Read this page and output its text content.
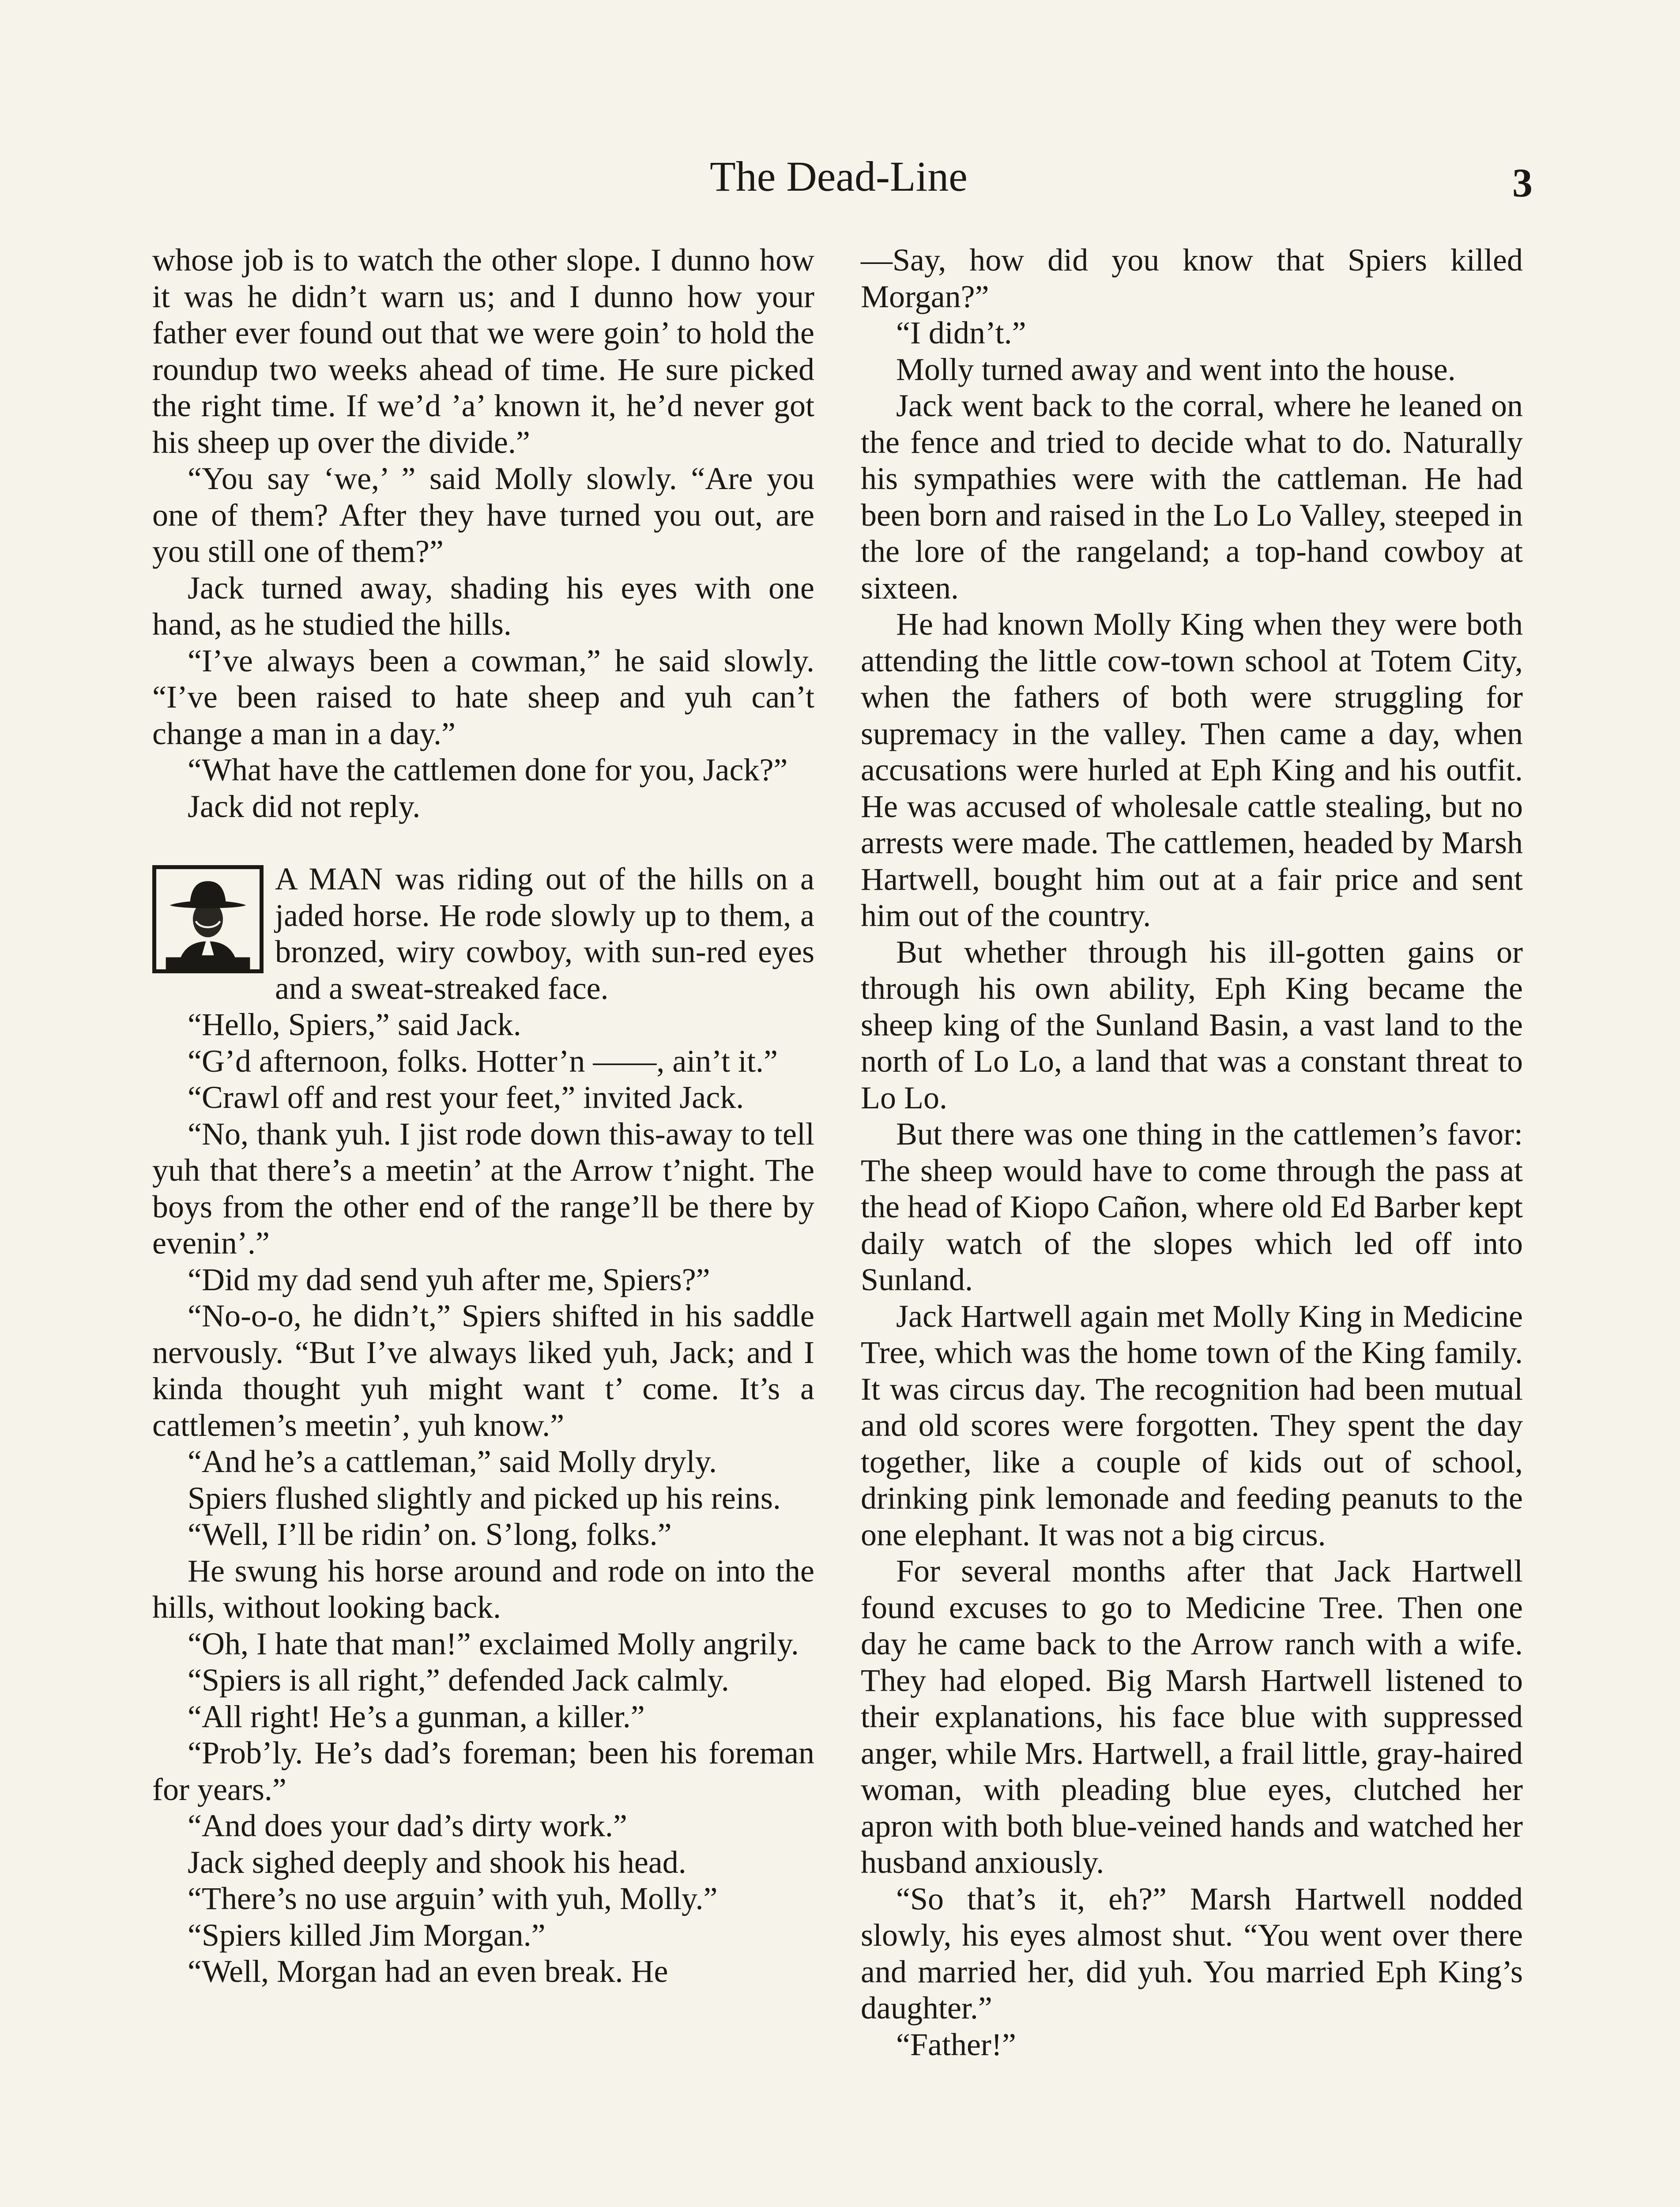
The Dead-Line	3

whose job is to watch the other slope. I dunno how it was he didn’t warn us; and I dunno how your father ever found out that we were goin’ to hold the roundup two weeks ahead of time. He sure picked the right time. If we’d ’a’ known it, he’d never got his sheep up over the divide.”

“You say ‘we,’ ” said Molly slowly. “Are you one of them? After they have turned you out, are you still one of them?”

Jack turned away, shading his eyes with one hand, as he studied the hills.

“I’ve always been a cowman,” he said slowly. “I’ve been raised to hate sheep and yuh can’t change a man in a day.”

“What have the cattlemen done for you, Jack?”

Jack did not reply.

A MAN was riding out of the hills on a jaded horse. He rode slowly up to them, a bronzed, wiry cowboy, with sun-red eyes and a sweat-streaked face.

“Hello, Spiers,” said Jack.

“G’d afternoon, folks. Hotter’n ——, ain’t it.”

“Crawl off and rest your feet,” invited Jack.

“No, thank yuh. I jist rode down this-away to tell yuh that there’s a meetin’ at the Arrow t’night. The boys from the other end of the range’ll be there by evenin’.”

“Did my dad send yuh after me, Spiers?”

“No-o-o, he didn’t,” Spiers shifted in his saddle nervously. “But I’ve always liked yuh, Jack; and I kinda thought yuh might want t’ come. It’s a cattlemen’s meetin’, yuh know.”

“And he’s a cattleman,” said Molly dryly.

Spiers flushed slightly and picked up his reins.

“Well, I’ll be ridin’ on. S’long, folks.”

He swung his horse around and rode on into the hills, without looking back.

“Oh, I hate that man!” exclaimed Molly angrily.

“Spiers is all right,” defended Jack calmly.

“All right! He’s a gunman, a killer.”

“Prob’ly. He’s dad’s foreman; been his foreman for years.”

“And does your dad’s dirty work.”

Jack sighed deeply and shook his head.

“There’s no use arguin’ with yuh, Molly.”

“Spiers killed Jim Morgan.”

“Well, Morgan had an even break. He

—Say, how did you know that Spiers killed Morgan?”

“I didn’t.”

Molly turned away and went into the house.

Jack went back to the corral, where he leaned on the fence and tried to decide what to do. Naturally his sympathies were with the cattleman. He had been born and raised in the Lo Lo Valley, steeped in the lore of the rangeland; a top-hand cowboy at sixteen.

He had known Molly King when they were both attending the little cow-town school at Totem City, when the fathers of both were struggling for supremacy in the valley. Then came a day, when accusations were hurled at Eph King and his outfit. He was accused of wholesale cattle stealing, but no arrests were made. The cattlemen, headed by Marsh Hartwell, bought him out at a fair price and sent him out of the country.

But whether through his ill-gotten gains or through his own ability, Eph King became the sheep king of the Sunland Basin, a vast land to the north of Lo Lo, a land that was a constant threat to Lo Lo.

But there was one thing in the cattlemen’s favor: The sheep would have to come through the pass at the head of Kiopo Cañon, where old Ed Barber kept daily watch of the slopes which led off into Sunland.

Jack Hartwell again met Molly King in Medicine Tree, which was the home town of the King family. It was circus day. The recognition had been mutual and old scores were forgotten. They spent the day together, like a couple of kids out of school, drinking pink lemonade and feeding peanuts to the one elephant. It was not a big circus.

For several months after that Jack Hartwell found excuses to go to Medicine Tree. Then one day he came back to the Arrow ranch with a wife. They had eloped. Big Marsh Hartwell listened to their explanations, his face blue with suppressed anger, while Mrs. Hartwell, a frail little, gray-haired woman, with pleading blue eyes, clutched her apron with both blue-veined hands and watched her husband anxiously.

“So that’s it, eh?” Marsh Hartwell nodded slowly, his eyes almost shut. “You went over there and married her, did yuh. You married Eph King’s daughter.”

“Father!”
